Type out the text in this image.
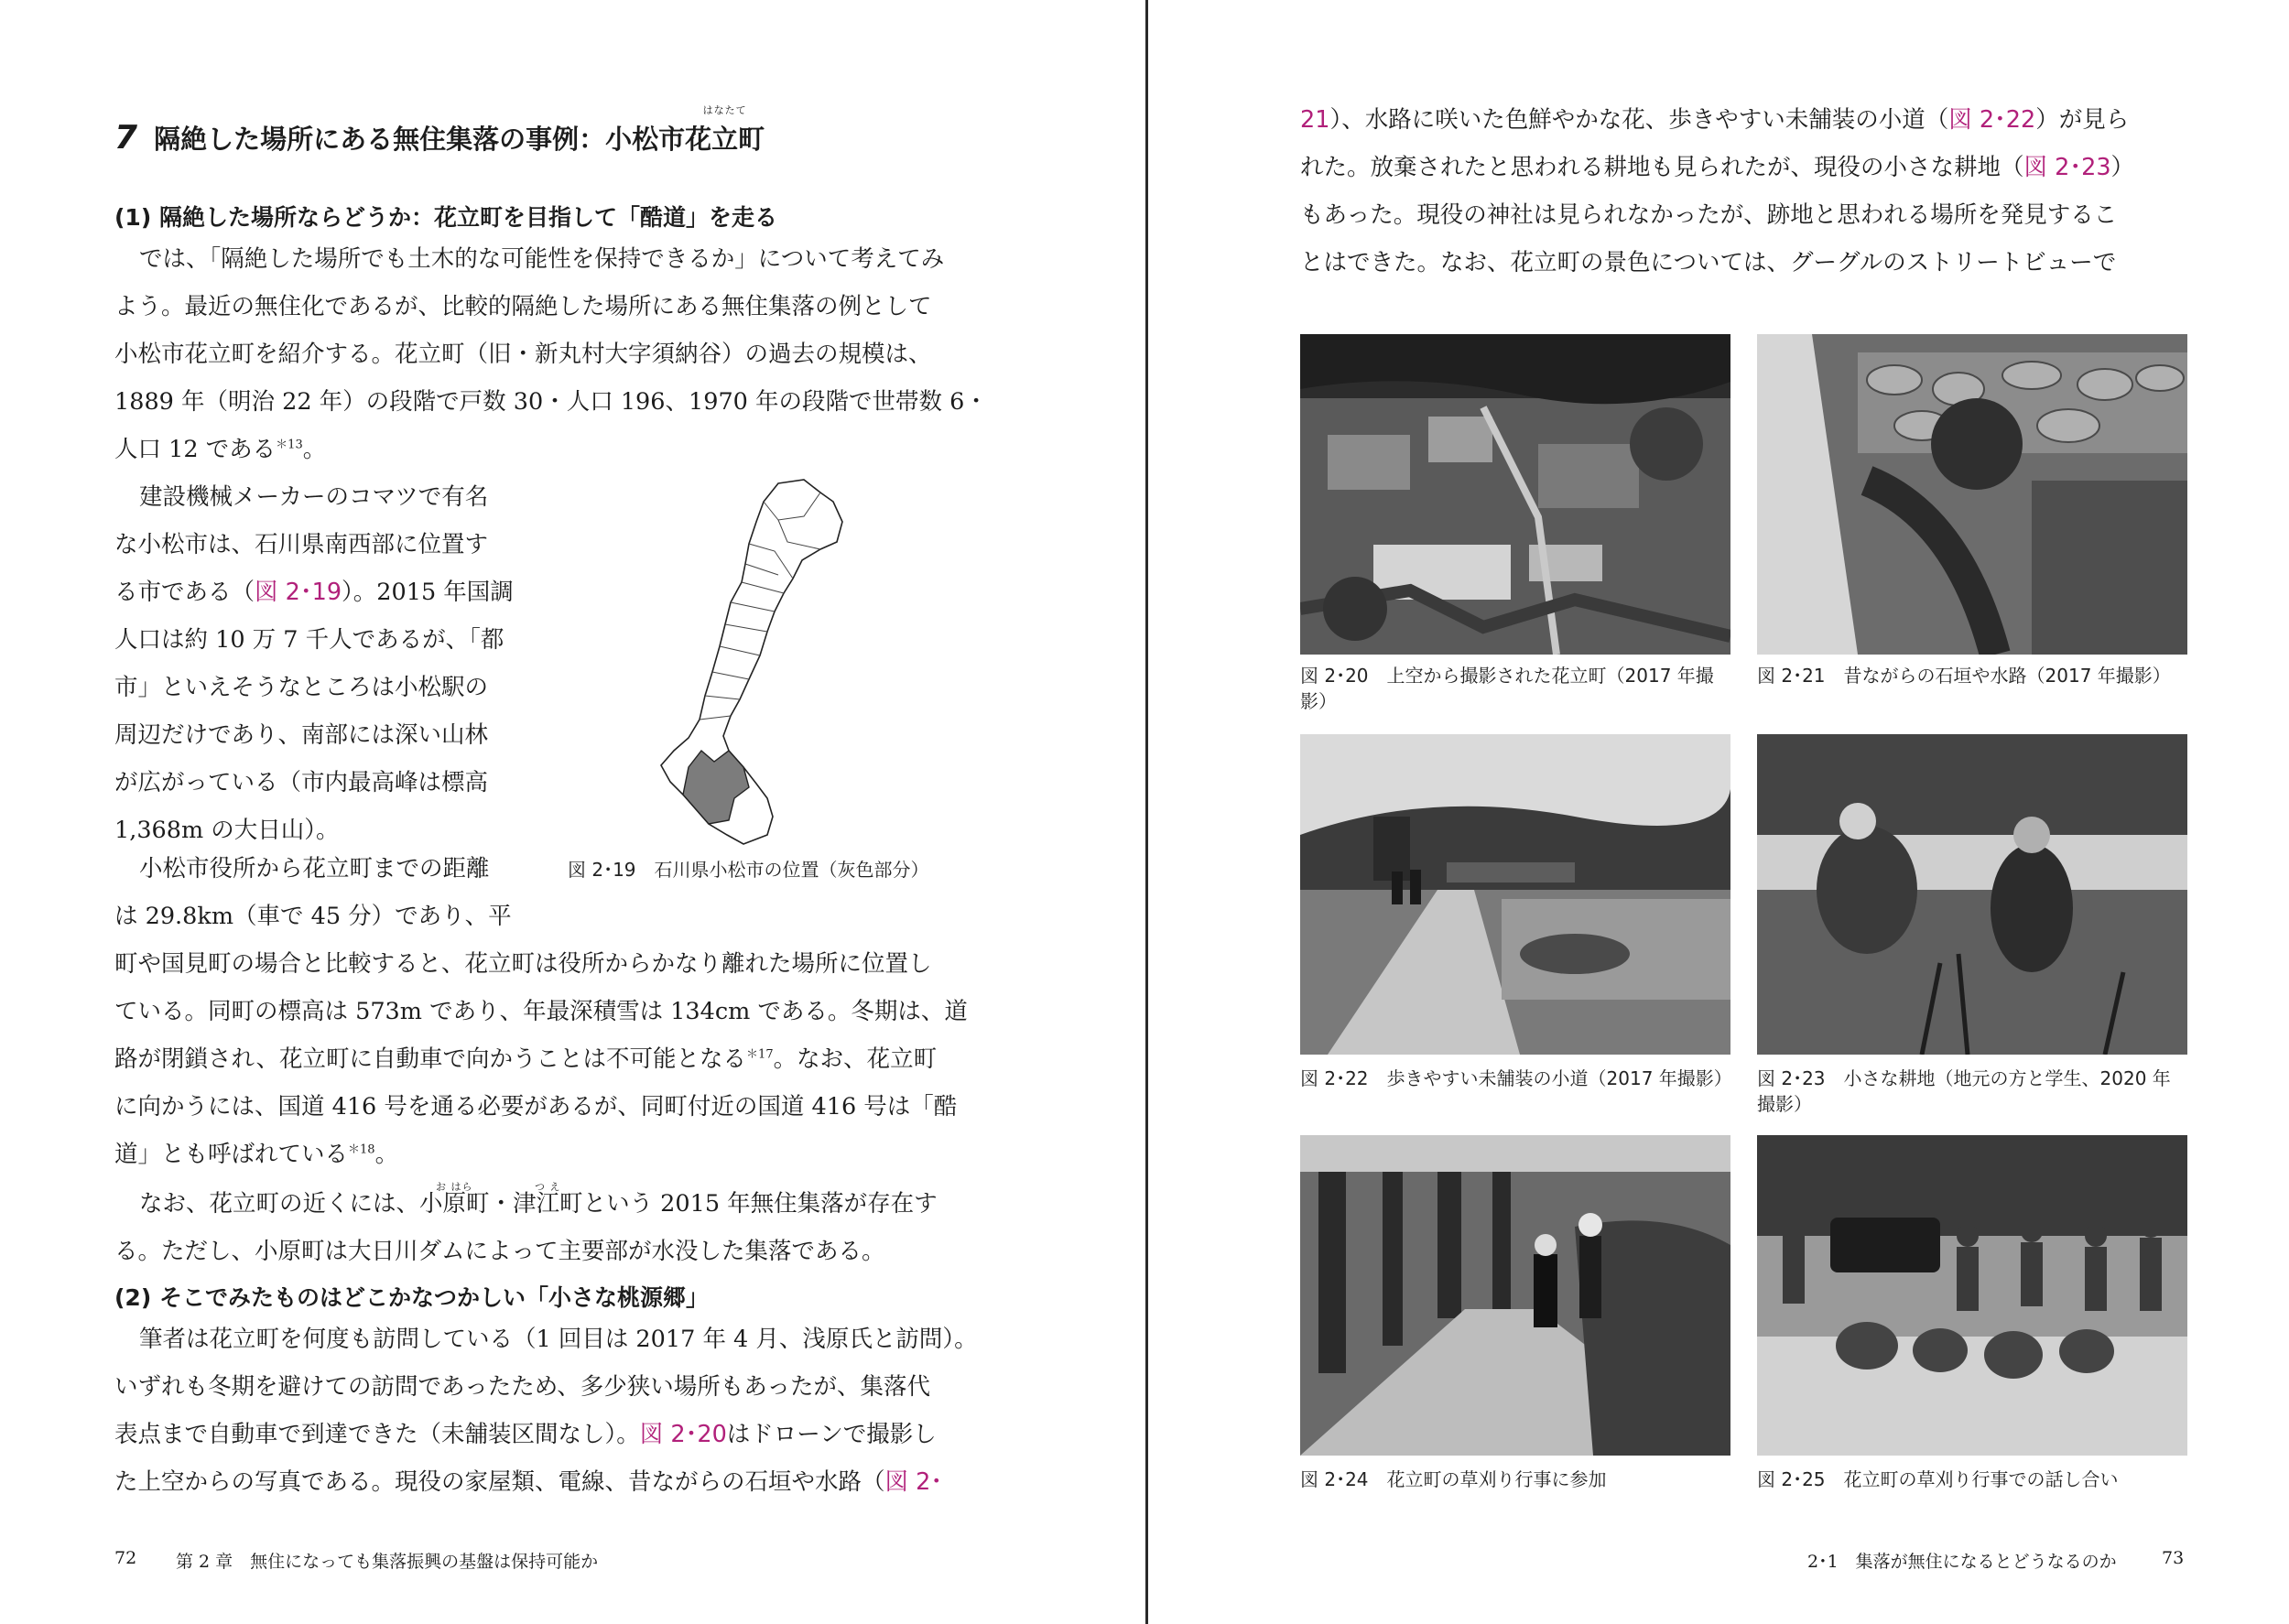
7 隔絶した場所にある無住集落の事例：小松市
はなたて
花立町
(1) 隔絶した場所ならどうか：花立町を目指して「酷道」を走る
では、「隔絶した場所でも土木的な可能性を保持できるか」について考えてみ
よう。最近の無住化であるが、比較的隔絶した場所にある無住集落の例として
小松市花立町を紹介する。花立町（旧・新丸村大字須納谷）の過去の規模は、
1889 年（明治 22 年）の段階で戸数 30・人口 196、1970 年の段階で世帯数 6・
人口 12 である$^{*13}$。
建設機械メーカーのコマツで有名
な小松市は、石川県南西部に位置す
る市である（図 2･19）。2015 年国調
人口は約 10 万 7 千人であるが、「都
市」といえそうなところは小松駅の
周辺だけであり、南部には深い山林
が広がっている（市内最高峰は標高
1,368m の大日山）。
図 2･19　石川県小松市の位置（灰色部分）
小松市役所から花立町までの距離
は 29.8km（車で 45 分）であり、平
町や国見町の場合と比較すると、花立町は役所からかなり離れた場所に位置し
ている。同町の標高は 573m であり、年最深積雪は 134cm である。冬期は、道
路が閉鎖され、花立町に自動車で向かうことは不可能となる$^{*17}$。なお、花立町
に向かうには、国道 416 号を通る必要があるが、同町付近の国道 416 号は「酷
道」とも呼ばれている$^{*18}$。
なお、花立町の近くには、
お はら
小原町・
つ え
津江町という 2015 年無住集落が存在す
る。ただし、小原町は大日川ダムによって主要部が水没した集落である。
(2) そこでみたものはどこかなつかしい「小さな桃源郷」
筆者は花立町を何度も訪問している（1 回目は 2017 年 4 月、浅原氏と訪問）。
いずれも冬期を避けての訪問であったため、多少狭い場所もあったが、集落代
表点まで自動車で到達できた（未舗装区間なし）。図 2･20はドローンで撮影し
た上空からの写真である。現役の家屋類、電線、昔ながらの石垣や水路（図 2･
72 第 2 章　無住になっても集落振興の基盤は保持可能か
21）、水路に咲いた色鮮やかな花、歩きやすい未舗装の小道（図 2･22）が見ら
れた。放棄されたと思われる耕地も見られたが、現役の小さな耕地（図 2･23）
もあった。現役の神社は見られなかったが、跡地と思われる場所を発見するこ
とはできた。なお、花立町の景色については、グーグルのストリートビューで
図 2･20　上空から撮影された花立町（2017 年撮
影）
図 2･21　昔ながらの石垣や水路（2017 年撮影）
図 2･22　歩きやすい未舗装の小道（2017 年撮影） 図 2･23　小さな耕地（地元の方と学生、2020 年
撮影）
図 2･24　花立町の草刈り行事に参加	図 2･25　花立町の草刈り行事での話し合い
2･1　集落が無住になるとどうなるのか	73
